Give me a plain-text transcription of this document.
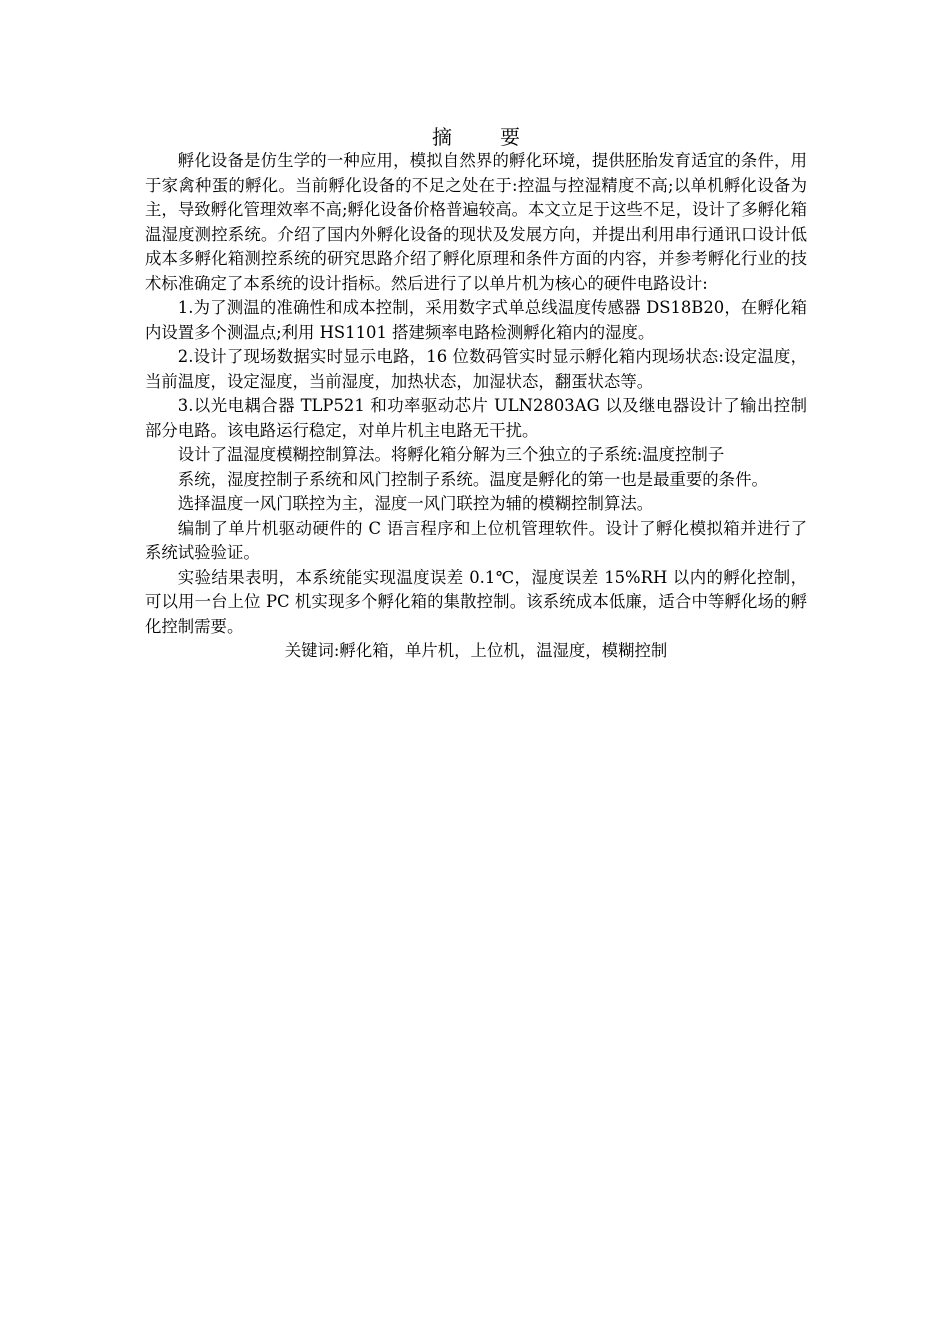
摘　要

孵化设备是仿生学的一种应用，模拟自然界的孵化环境，提供胚胎发育适宜的条件，用于家禽种蛋的孵化。当前孵化设备的不足之处在于:控温与控湿精度不高;以单机孵化设备为主，导致孵化管理效率不高;孵化设备价格普遍较高。本文立足于这些不足，设计了多孵化箱温湿度测控系统。介绍了国内外孵化设备的现状及发展方向，并提出利用串行通讯口设计低成本多孵化箱测控系统的研究思路介绍了孵化原理和条件方面的内容，并参考孵化行业的技术标准确定了本系统的设计指标。然后进行了以单片机为核心的硬件电路设计:

1.为了测温的准确性和成本控制，采用数字式单总线温度传感器 DS18B20，在孵化箱内设置多个测温点;利用 HS1101 搭建频率电路检测孵化箱内的湿度。

2.设计了现场数据实时显示电路，16 位数码管实时显示孵化箱内现场状态:设定温度，当前温度，设定湿度，当前湿度，加热状态，加湿状态，翻蛋状态等。

3.以光电耦合器 TLP521 和功率驱动芯片 ULN2803AG 以及继电器设计了输出控制部分电路。该电路运行稳定，对单片机主电路无干扰。

设计了温湿度模糊控制算法。将孵化箱分解为三个独立的子系统:温度控制子

系统，湿度控制子系统和风门控制子系统。温度是孵化的第一也是最重要的条件。

选择温度一风门联控为主，湿度一风门联控为辅的模糊控制算法。

编制了单片机驱动硬件的 C 语言程序和上位机管理软件。设计了孵化模拟箱并进行了系统试验验证。

实验结果表明，本系统能实现温度误差 0.1℃，湿度误差 15%RH 以内的孵化控制，可以用一台上位 PC 机实现多个孵化箱的集散控制。该系统成本低廉，适合中等孵化场的孵化控制需要。

关键词:孵化箱，单片机，上位机，温湿度，模糊控制
